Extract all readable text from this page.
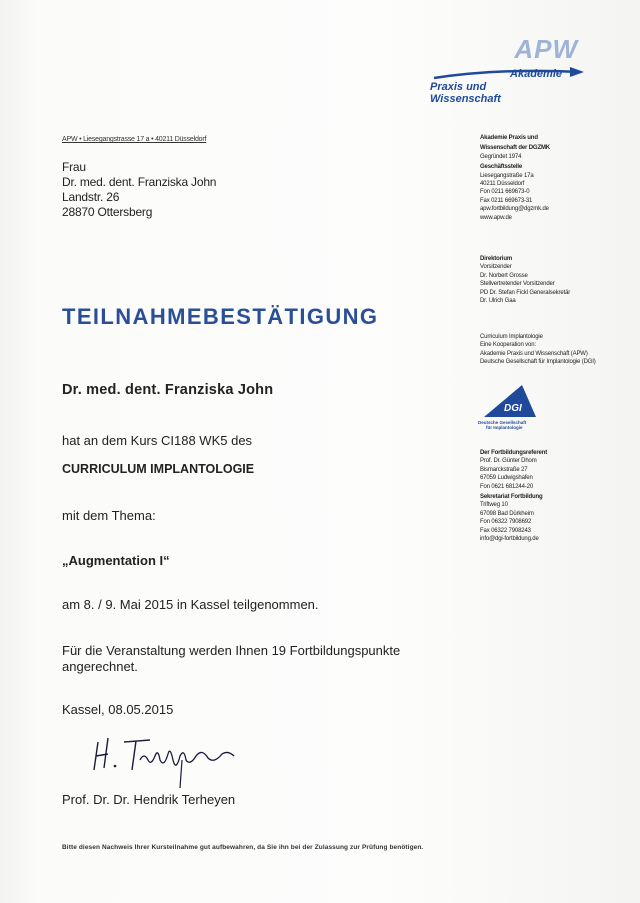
APW
Akademie
Praxis und Wissenschaft
APW • Liesegangstrasse 17 a • 40211 Düsseldorf
Frau
Dr. med. dent. Franziska John
Landstr. 26
28870 Ottersberg
Akademie Praxis und
Wissenschaft der DGZMK
Gegründet 1974
Geschäftsstelle
Liesegangstraße 17a
40211 Düsseldorf
Fon 0211 669673-0
Fax 0211 669673-31
apw.fortbildung@dgzmk.de
www.apw.de
Direktorium
Vorsitzender
Dr. Norbert Grosse
Stellvertretender Vorsitzender
PD Dr. Stefan Fickl Generalsekretär
Dr. Ulrich Gaa
Curriculum Implantologie
Eine Kooperation von:
Akademie Praxis und Wissenschaft (APW)
Deutsche Gesellschaft für Implantologie (DGI)
DGI
Deutsche Gesellschaft
für Implantologie
Der Fortbildungsreferent
Prof. Dr. Günter Dhom
Bismarckstraße 27
67059 Ludwigshafen
Fon 0621 681244-20
Sekretariat Fortbildung
Triftweg 10
67098 Bad Dürkheim
Fon 06322 7908692
Fax 06322 7908243
info@dgi-fortbildung.de
TEILNAHMEBESTÄTIGUNG
Dr. med. dent. Franziska John
hat an dem Kurs CI188 WK5 des
CURRICULUM IMPLANTOLOGIE
mit dem Thema:
„Augmentation I“
am 8. / 9. Mai 2015 in Kassel teilgenommen.
Für die Veranstaltung werden Ihnen 19 Fortbildungspunkte angerechnet.
Kassel, 08.05.2015
Prof. Dr. Dr. Hendrik Terheyen
Bitte diesen Nachweis Ihrer Kursteilnahme gut aufbewahren, da Sie ihn bei der Zulassung zur Prüfung benötigen.
